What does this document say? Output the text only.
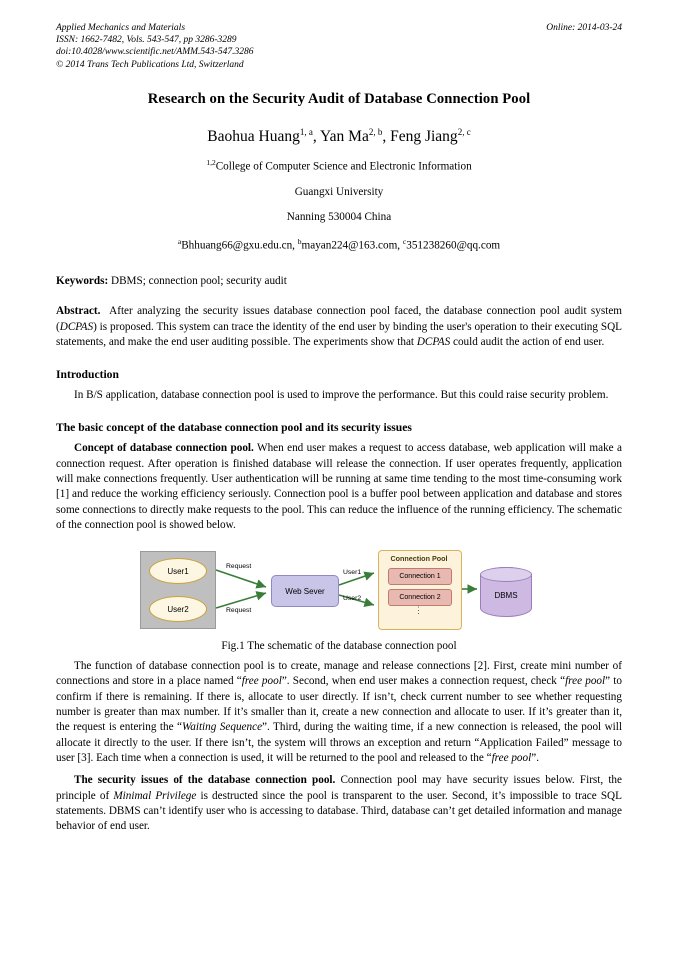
Applied Mechanics and Materials
ISSN: 1662-7482, Vols. 543-547, pp 3286-3289
doi:10.4028/www.scientific.net/AMM.543-547.3286
© 2014 Trans Tech Publications Ltd, Switzerland
Online: 2014-03-24
Research on the Security Audit of Database Connection Pool
Baohua Huang$^{1, a}$, Yan Ma$^{2, b}$, Feng Jiang$^{2, c}$
$^{1,2}$College of Computer Science and Electronic Information
Guangxi University
Nanning 530004 China
$^a$Bhhuang66@gxu.edu.cn, $^b$mayan224@163.com, $^c$351238260@qq.com
Keywords: DBMS; connection pool; security audit
Abstract. After analyzing the security issues database connection pool faced, the database connection pool audit system (DCPAS) is proposed. This system can trace the identity of the end user by binding the user's operation to their executing SQL statements, and make the end user auditing possible. The experiments show that DCPAS could audit the action of end user.
Introduction

In B/S application, database connection pool is used to improve the performance. But this could raise security problem.

The basic concept of the database connection pool and its security issues

Concept of database connection pool. When end user makes a request to access database, web application will make a connection request. After operation is finished database will release the connection. If user operates frequently, application will make connections frequently. User authentication will be running at same time tending to the most time-consuming work [1] and reduce the working efficiency seriously. Connection pool is a buffer pool between application and database and stores some connections to directly make requests to the pool. This can reduce the influence of the running efficiency. The schematic of the connection pool is showed below.

User1
User2
Request
Request
Web Sever
User1
User2
Connection Pool
Connection 1
Connection 2
⋮
DBMS
Fig.1 The schematic of the database connection pool

The function of database connection pool is to create, manage and release connections [2]. First, create mini number of connections and store in a place named “free pool”. Second, when end user makes a connection request, check “free pool” to confirm if there is remaining. If there is, allocate to user directly. If isn’t, check current number to see whether requesting number is greater than max number. If it’s smaller than it, create a new connection and allocate to user. If it’s greater than it, the request is entering the “Waiting Sequence”. Third, during the waiting time, if a new connection is released, the pool will allocate it directly to the user. If there isn’t, the system will throws an exception and return “Application Failed” message to user [3]. Each time when a connection is used, it will be returned to the pool and released to the “free pool”.

The security issues of the database connection pool. Connection pool may have security issues below. First, the principle of Minimal Privilege is destructed since the pool is transparent to the user. Second, it’s impossible to trace SQL statements. DBMS can’t identify user who is accessing to database. Third, database can’t get detailed information and manage behavior of end user.
